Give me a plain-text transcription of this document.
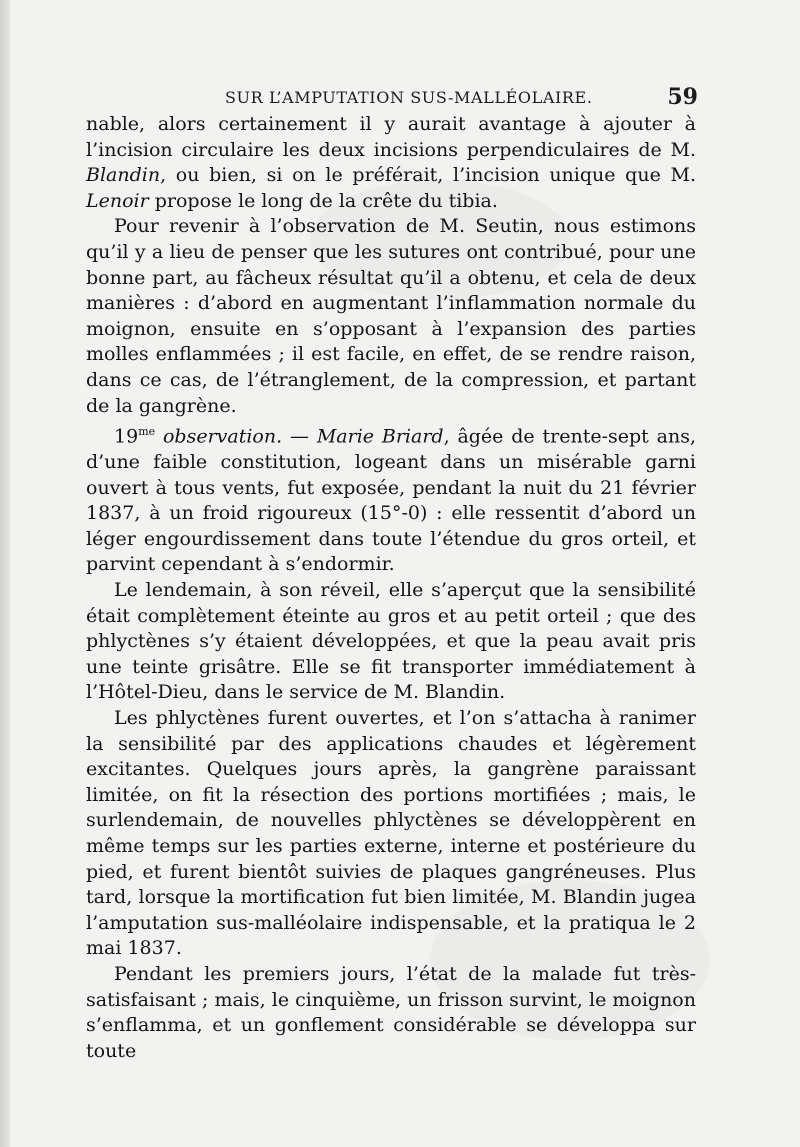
SUR L’AMPUTATION SUS-MALLÉOLAIRE.	59

nable, alors certainement il y aurait avantage à ajouter à l’incision circulaire les deux incisions perpendiculaires de M. Blandin, ou bien, si on le préférait, l’incision unique que M. Lenoir propose le long de la crête du tibia.

Pour revenir à l’observation de M. Seutin, nous estimons qu’il y a lieu de penser que les sutures ont contribué, pour une bonne part, au fâcheux résultat qu’il a obtenu, et cela de deux manières : d’abord en augmentant l’inflammation normale du moignon, ensuite en s’opposant à l’expansion des parties molles enflammées ; il est facile, en effet, de se rendre raison, dans ce cas, de l’étranglement, de la compression, et partant de la gangrène.

$19^{me}$ observation. — Marie Briard, âgée de trente-sept ans, d’une faible constitution, logeant dans un misérable garni ouvert à tous vents, fut exposée, pendant la nuit du 21 février 1837, à un froid rigoureux (15°-0) : elle ressentit d’abord un léger engourdissement dans toute l’étendue du gros orteil, et parvint cependant à s’endormir.

Le lendemain, à son réveil, elle s’aperçut que la sensibilité était complètement éteinte au gros et au petit orteil ; que des phlyctènes s’y étaient développées, et que la peau avait pris une teinte grisâtre. Elle se fit transporter immédiatement à l’Hôtel-Dieu, dans le service de M. Blandin.

Les phlyctènes furent ouvertes, et l’on s’attacha à ranimer la sensibilité par des applications chaudes et légèrement excitantes. Quelques jours après, la gangrène paraissant limitée, on fit la résection des portions mortifiées ; mais, le surlendemain, de nouvelles phlyctènes se développèrent en même temps sur les parties externe, interne et postérieure du pied, et furent bientôt suivies de plaques gangréneuses. Plus tard, lorsque la mortification fut bien limitée, M. Blandin jugea l’amputation sus-malléolaire indispensable, et la pratiqua le 2 mai 1837.

Pendant les premiers jours, l’état de la malade fut très-satisfaisant ; mais, le cinquième, un frisson survint, le moignon s’enflamma, et un gonflement considérable se développa sur toute
